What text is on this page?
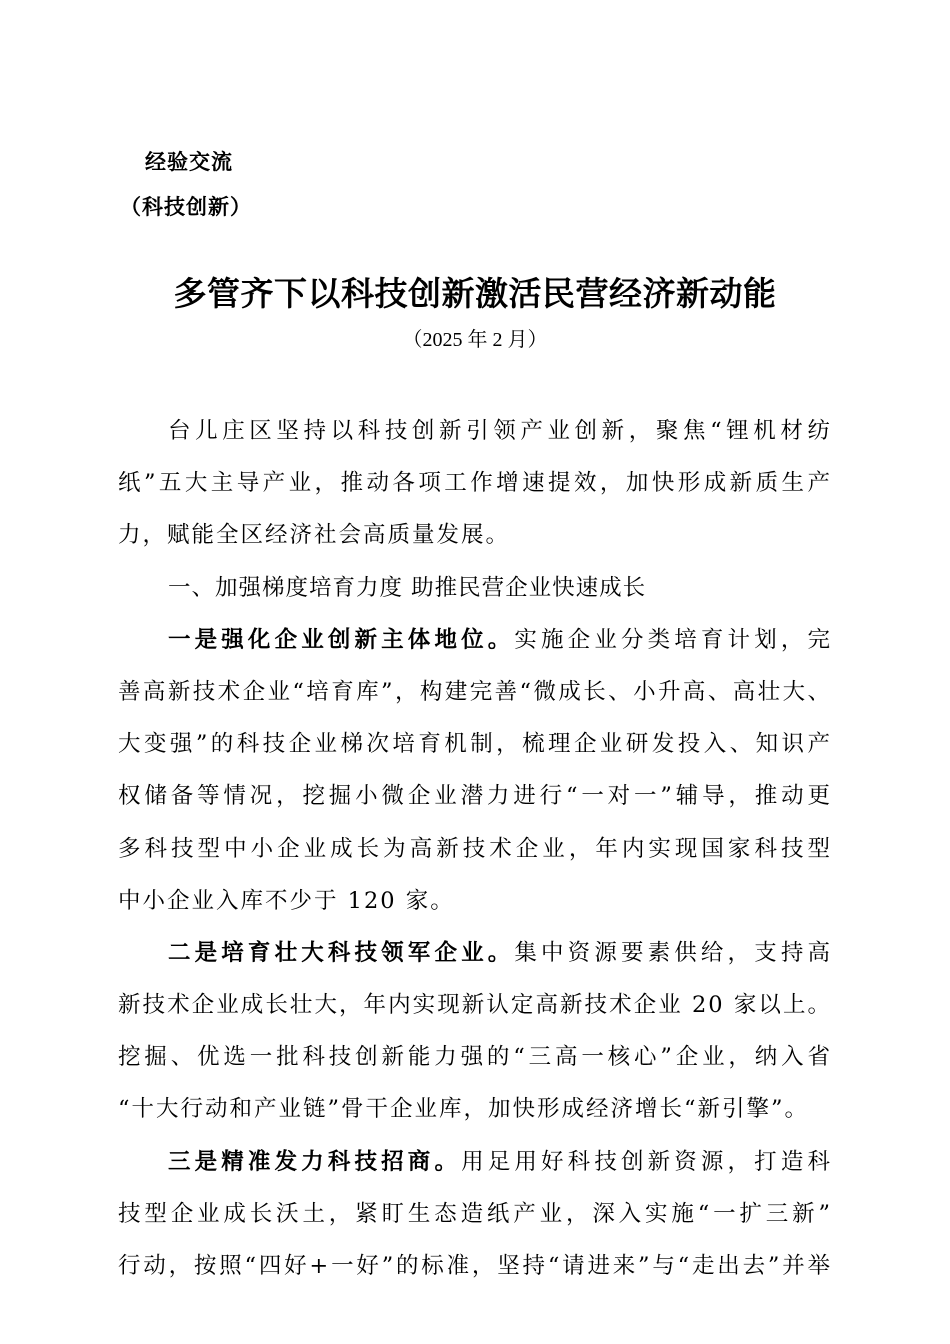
经验交流
（科技创新）
多管齐下以科技创新激活民营经济新动能
（2025 年 2 月）
台儿庄区坚持以科技创新引领产业创新，聚焦“锂机材纺
纸”五大主导产业，推动各项工作增速提效，加快形成新质生产
力，赋能全区经济社会高质量发展。
一、加强梯度培育力度 助推民营企业快速成长
一是强化企业创新主体地位。实施企业分类培育计划，完
善高新技术企业“培育库”，构建完善“微成长、小升高、高壮大、
大变强”的科技企业梯次培育机制，梳理企业研发投入、知识产
权储备等情况，挖掘小微企业潜力进行“一对一”辅导，推动更
多科技型中小企业成长为高新技术企业，年内实现国家科技型
中小企业入库不少于 120 家。
二是培育壮大科技领军企业。集中资源要素供给，支持高
新技术企业成长壮大，年内实现新认定高新技术企业 20 家以上。
挖掘、优选一批科技创新能力强的“三高一核心”企业，纳入省
“十大行动和产业链”骨干企业库，加快形成经济增长“新引擎”。
三是精准发力科技招商。用足用好科技创新资源，打造科
技型企业成长沃土，紧盯生态造纸产业，深入实施“一扩三新”
行动，按照“四好+一好”的标准，坚持“请进来”与“走出去”并举
